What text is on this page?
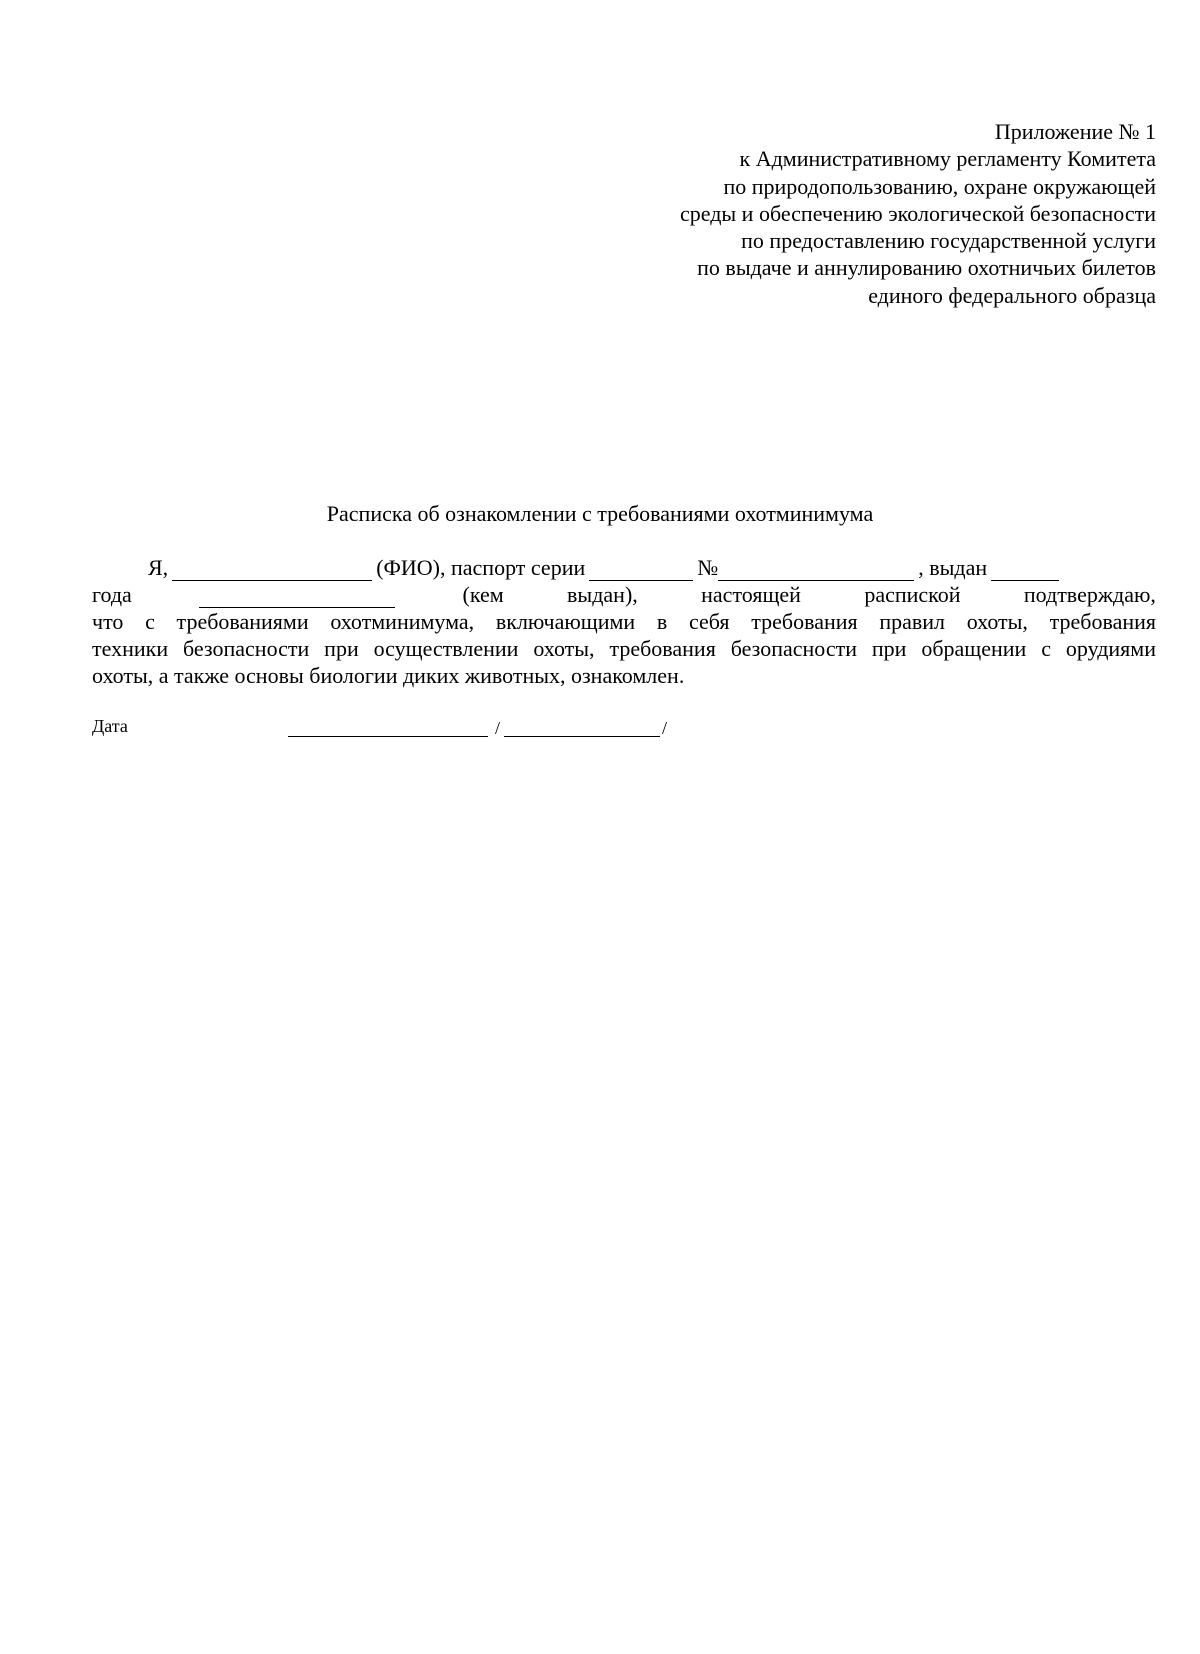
Приложение № 1
к Административному регламенту Комитета
по природопользованию, охране окружающей
среды и обеспечению экологической безопасности
по предоставлению государственной услуги
по выдаче и аннулированию охотничьих билетов
единого федерального образца
Расписка об ознакомлении с требованиями охотминимума
Я,	(ФИО), паспорт серии	№	, выдан
года	(кем	выдан),	настоящей	распиской	подтверждаю,
что с требованиями охотминимума, включающими в себя требования правил охоты, требования
техники безопасности при осуществлении охоты, требования безопасности при обращении с орудиями
охоты, а также основы биологии диких животных, ознакомлен.
Дата	/	/
